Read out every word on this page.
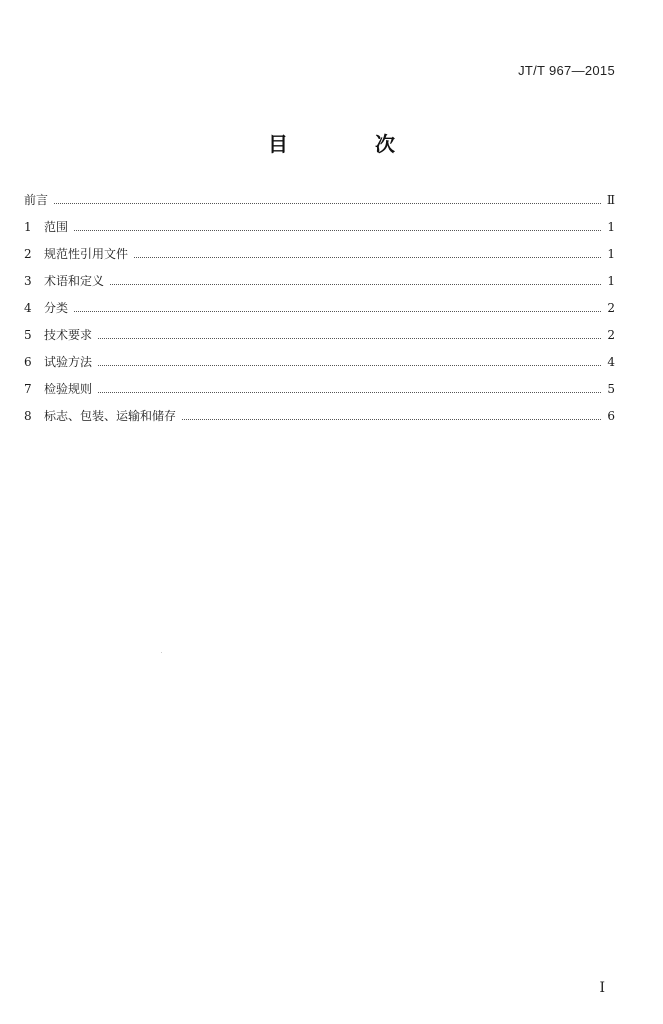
JT/T 967—2015
目 次
前言	Ⅱ
1	范围	1
2	规范性引用文件	1
3	术语和定义	1
4	分类	2
5	技术要求	2
6	试验方法	4
7	检验规则	5
8	标志、包装、运输和储存	6
I
